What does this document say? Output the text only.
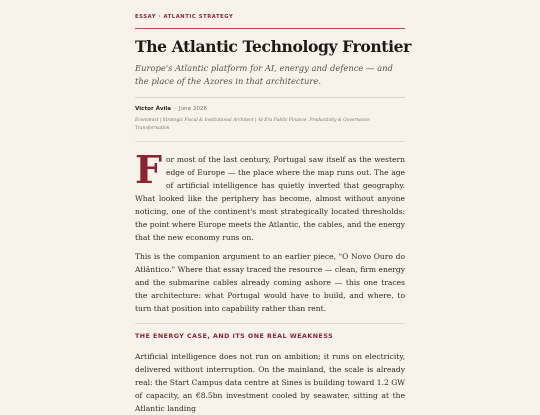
ESSAY · ATLANTIC STRATEGY
The Atlantic Technology Frontier
Europe's Atlantic platform for AI, energy and defence — and the place of the Azores in that architecture.
Victor Ávila · June 2026
Economist | Strategic Fiscal & Institutional Architect | AI-Era Public Finance, Productivity & Governance Transformation
F or most of the last century, Portugal saw itself as the western edge of Europe — the place where the map runs out. The age of artificial intelligence has quietly inverted that geography. What looked like the periphery has become, almost without anyone noticing, one of the continent's most strategically located thresholds: the point where Europe meets the Atlantic, the cables, and the energy that the new economy runs on.
This is the companion argument to an earlier piece, "O Novo Ouro do Atlântico." Where that essay traced the resource — clean, firm energy and the submarine cables already coming ashore — this one traces the architecture: what Portugal would have to build, and where, to turn that position into capability rather than rent.
THE ENERGY CASE, AND ITS ONE REAL WEAKNESS
Artificial intelligence does not run on ambition; it runs on electricity, delivered without interruption. On the mainland, the scale is already real: the Start Campus data centre at Sines is building toward 1.2 GW of capacity, an €8.5bn investment cooled by seawater, sitting at the Atlantic landing
